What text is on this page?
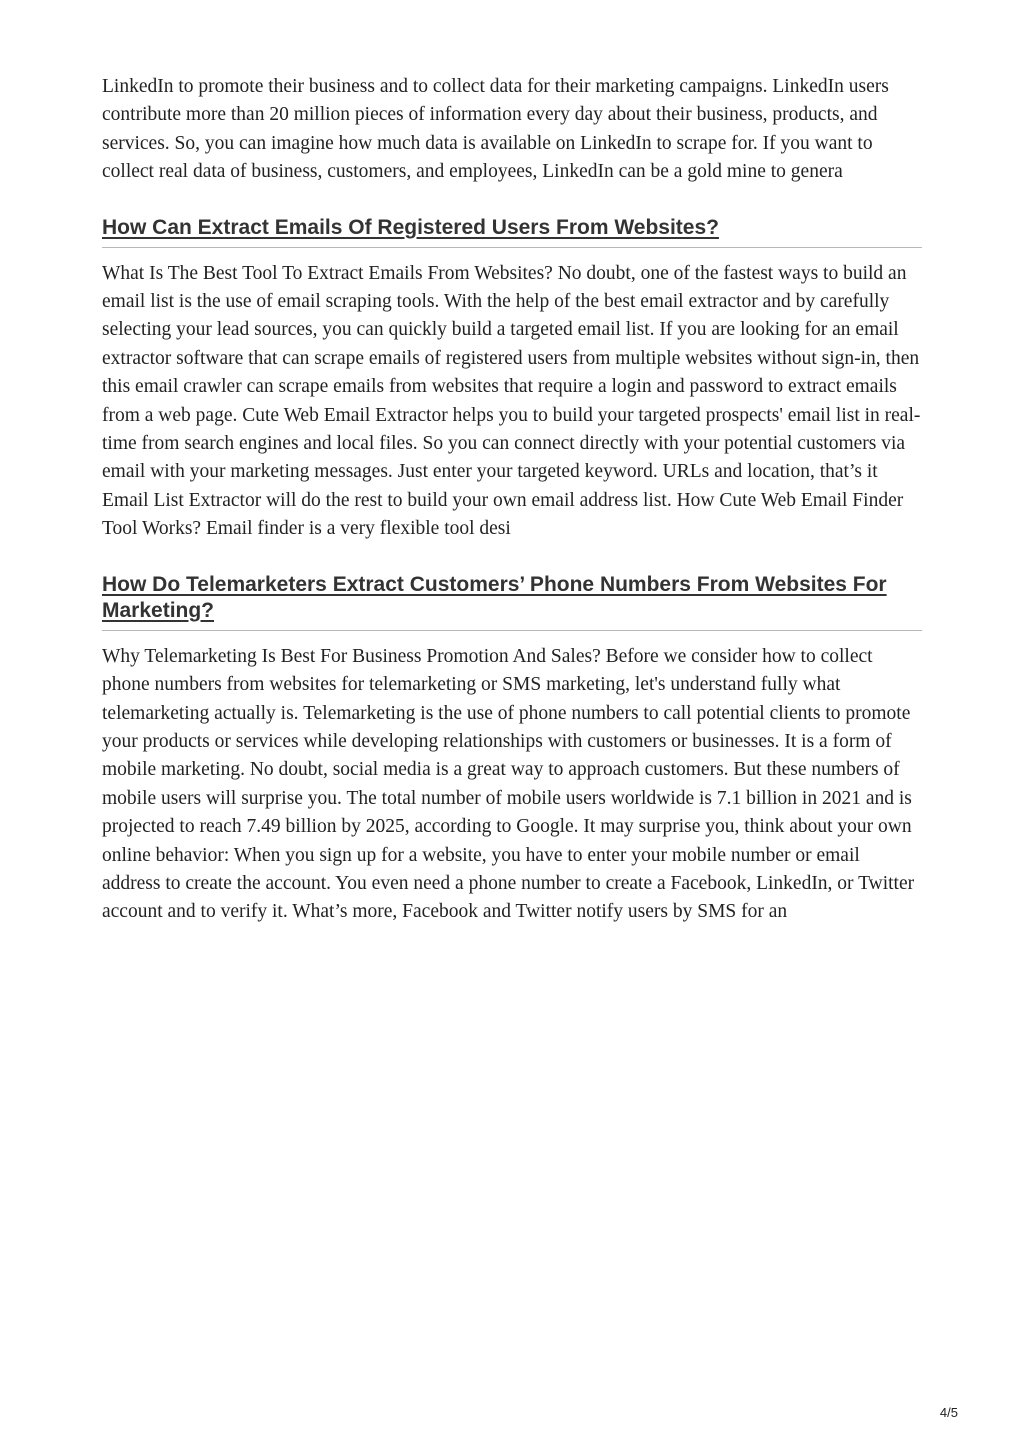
LinkedIn to promote their business and to collect data for their marketing campaigns. LinkedIn users contribute more than 20 million pieces of information every day about their business, products, and services. So, you can imagine how much data is available on LinkedIn to scrape for. If you want to collect real data of business, customers, and employees, LinkedIn can be a gold mine to genera

How Can Extract Emails Of Registered Users From Websites?

What Is The Best Tool To Extract Emails From Websites? No doubt, one of the fastest ways to build an email list is the use of email scraping tools. With the help of the best email extractor and by carefully selecting your lead sources, you can quickly build a targeted email list. If you are looking for an email extractor software that can scrape emails of registered users from multiple websites without sign-in, then this email crawler can scrape emails from websites that require a login and password to extract emails from a web page. Cute Web Email Extractor helps you to build your targeted prospects' email list in real-time from search engines and local files. So you can connect directly with your potential customers via email with your marketing messages. Just enter your targeted keyword. URLs and location, that’s it Email List Extractor will do the rest to build your own email address list. How Cute Web Email Finder Tool Works? Email finder is a very flexible tool desi

How Do Telemarketers Extract Customers’ Phone Numbers From Websites For Marketing?

Why Telemarketing Is Best For Business Promotion And Sales? Before we consider how to collect phone numbers from websites for telemarketing or SMS marketing, let's understand fully what telemarketing actually is. Telemarketing is the use of phone numbers to call potential clients to promote your products or services while developing relationships with customers or businesses. It is a form of mobile marketing. No doubt, social media is a great way to approach customers. But these numbers of mobile users will surprise you. The total number of mobile users worldwide is 7.1 billion in 2021 and is projected to reach 7.49 billion by 2025, according to Google. It may surprise you, think about your own online behavior: When you sign up for a website, you have to enter your mobile number or email address to create the account. You even need a phone number to create a Facebook, LinkedIn, or Twitter account and to verify it. What’s more, Facebook and Twitter notify users by SMS for an

4/5
